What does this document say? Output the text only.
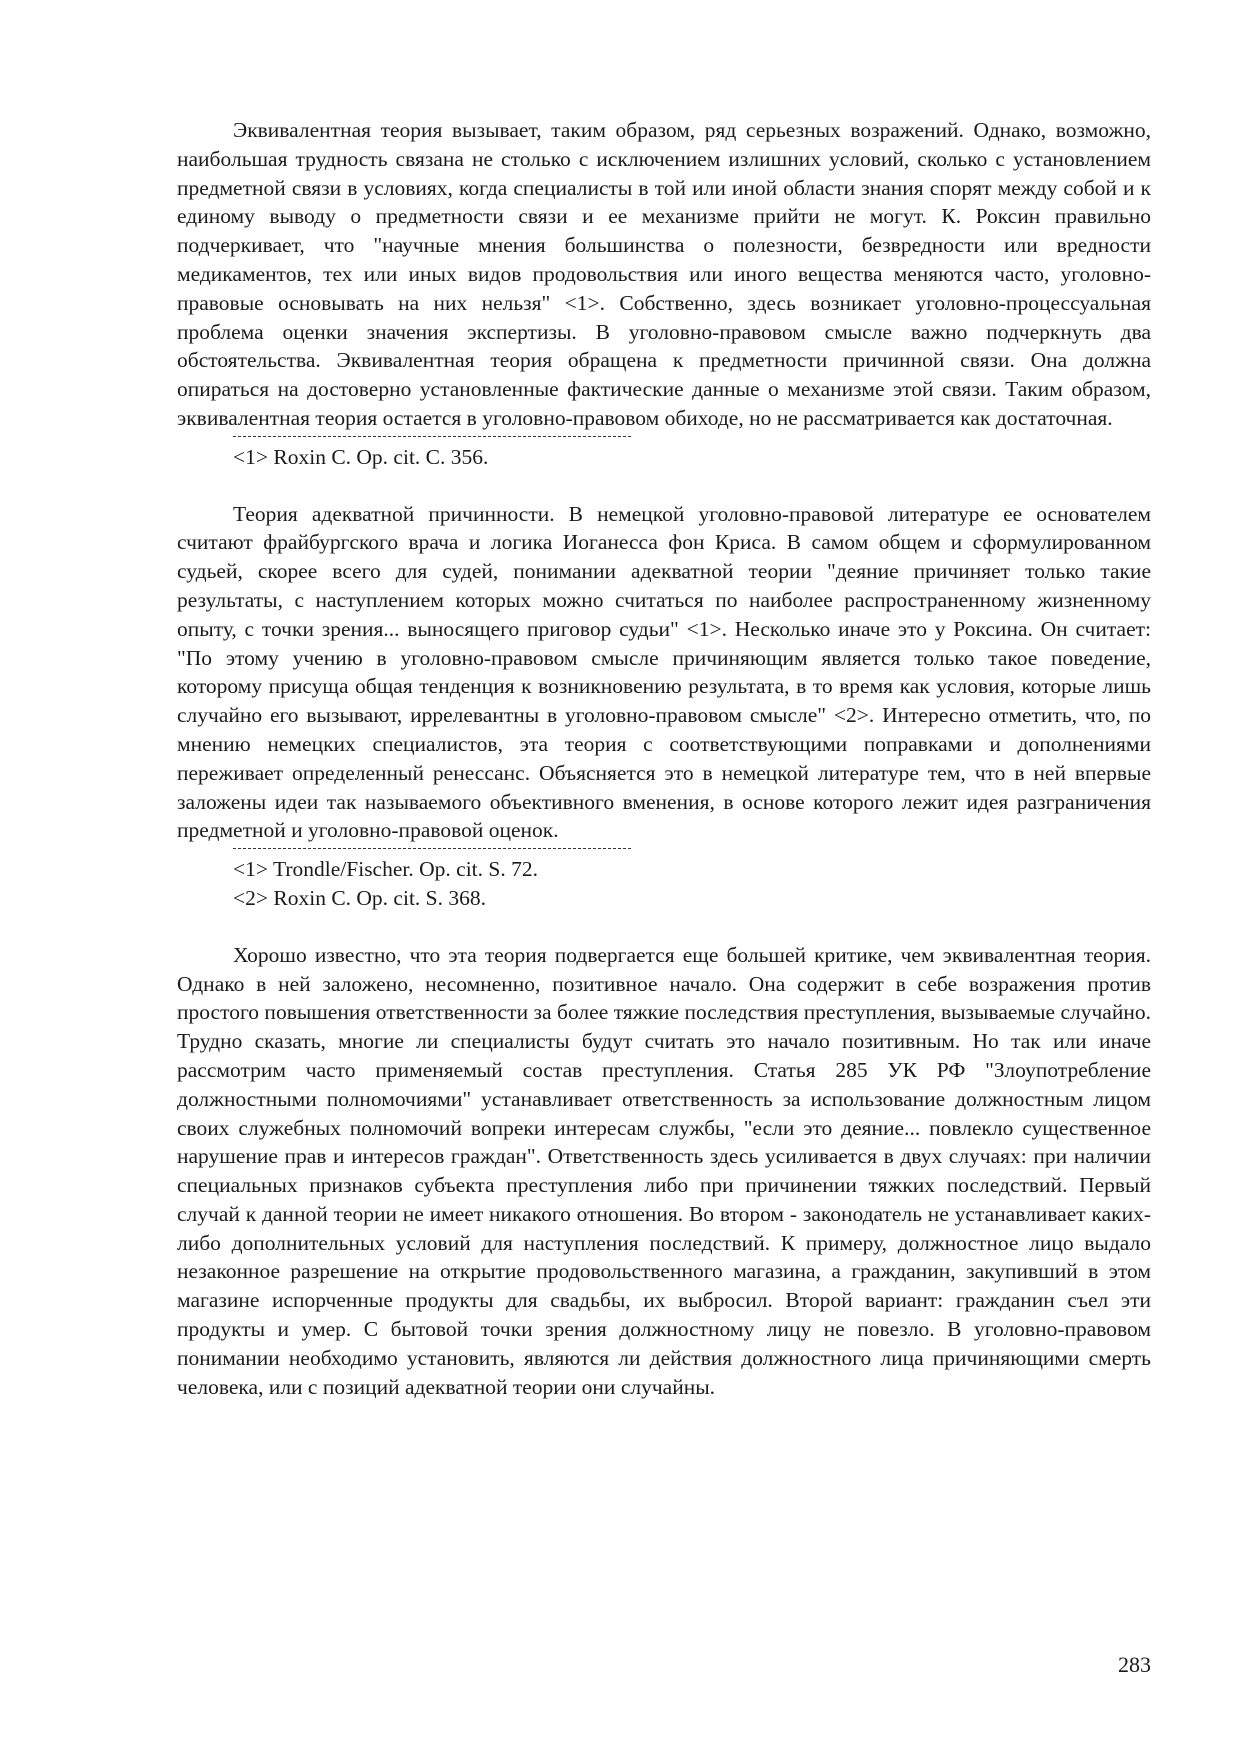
Эквивалентная теория вызывает, таким образом, ряд серьезных возражений. Однако, возможно, наибольшая трудность связана не столько с исключением излишних условий, сколько с установлением предметной связи в условиях, когда специалисты в той или иной области знания спорят между собой и к единому выводу о предметности связи и ее механизме прийти не могут. К. Роксин правильно подчеркивает, что "научные мнения большинства о полезности, безвредности или вредности медикаментов, тех или иных видов продовольствия или иного вещества меняются часто, уголовно-правовые основывать на них нельзя" <1>. Собственно, здесь возникает уголовно-процессуальная проблема оценки значения экспертизы. В уголовно-правовом смысле важно подчеркнуть два обстоятельства. Эквивалентная теория обращена к предметности причинной связи. Она должна опираться на достоверно установленные фактические данные о механизме этой связи. Таким образом, эквивалентная теория остается в уголовно-правовом обиходе, но не рассматривается как достаточная.

<1> Roxin C. Op. cit. C. 356.

Теория адекватной причинности. В немецкой уголовно-правовой литературе ее основателем считают фрайбургского врача и логика Иоганесса фон Криса. В самом общем и сформулированном судьей, скорее всего для судей, понимании адекватной теории "деяние причиняет только такие результаты, с наступлением которых можно считаться по наиболее распространенному жизненному опыту, с точки зрения... выносящего приговор судьи" <1>. Несколько иначе это у Роксина. Он считает: "По этому учению в уголовно-правовом смысле причиняющим является только такое поведение, которому присуща общая тенденция к возникновению результата, в то время как условия, которые лишь случайно его вызывают, иррелевантны в уголовно-правовом смысле" <2>. Интересно отметить, что, по мнению немецких специалистов, эта теория с соответствующими поправками и дополнениями переживает определенный ренессанс. Объясняется это в немецкой литературе тем, что в ней впервые заложены идеи так называемого объективного вменения, в основе которого лежит идея разграничения предметной и уголовно-правовой оценок.

<1> Trondle/Fischer. Op. cit. S. 72.

<2> Roxin C. Op. cit. S. 368.

Хорошо известно, что эта теория подвергается еще большей критике, чем эквивалентная теория. Однако в ней заложено, несомненно, позитивное начало. Она содержит в себе возражения против простого повышения ответственности за более тяжкие последствия преступления, вызываемые случайно. Трудно сказать, многие ли специалисты будут считать это начало позитивным. Но так или иначе рассмотрим часто применяемый состав преступления. Статья 285 УК РФ "Злоупотребление должностными полномочиями" устанавливает ответственность за использование должностным лицом своих служебных полномочий вопреки интересам службы, "если это деяние... повлекло существенное нарушение прав и интересов граждан". Ответственность здесь усиливается в двух случаях: при наличии специальных признаков субъекта преступления либо при причинении тяжких последствий. Первый случай к данной теории не имеет никакого отношения. Во втором - законодатель не устанавливает каких-либо дополнительных условий для наступления последствий. К примеру, должностное лицо выдало незаконное разрешение на открытие продовольственного магазина, а гражданин, закупивший в этом магазине испорченные продукты для свадьбы, их выбросил. Второй вариант: гражданин съел эти продукты и умер. С бытовой точки зрения должностному лицу не повезло. В уголовно-правовом понимании необходимо установить, являются ли действия должностного лица причиняющими смерть человека, или с позиций адекватной теории они случайны.

283
